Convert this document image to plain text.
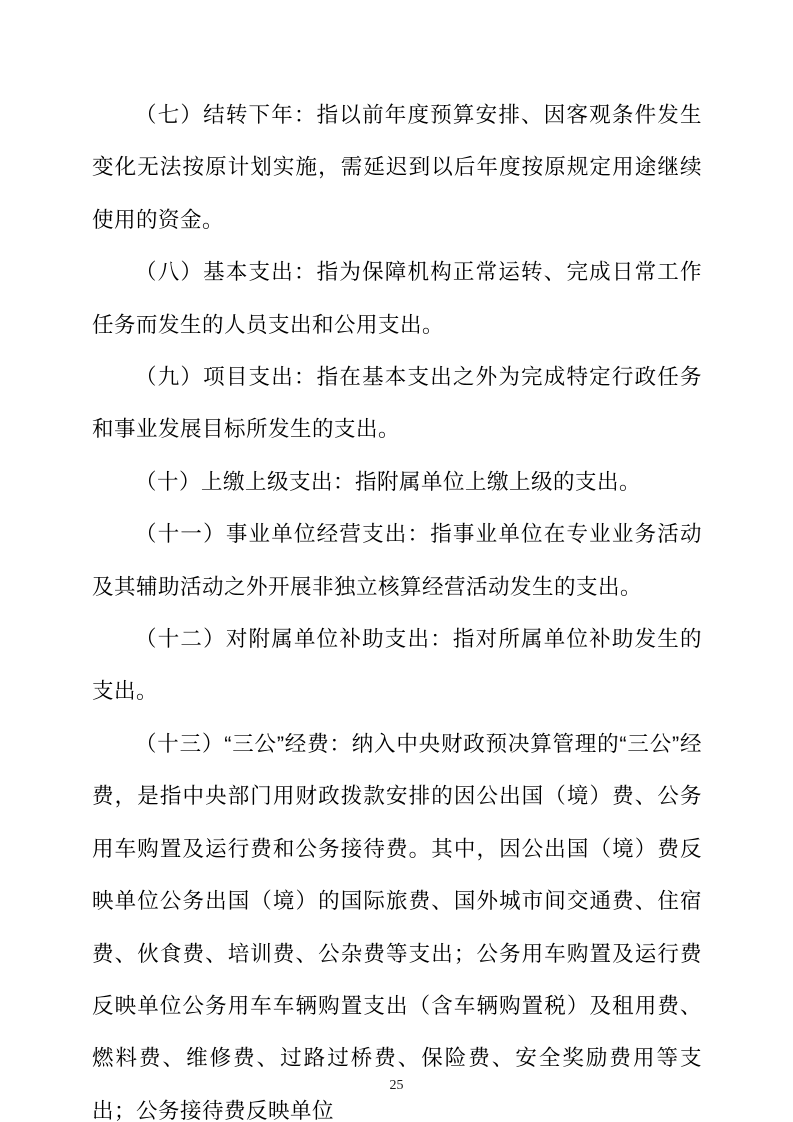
（七）结转下年：指以前年度预算安排、因客观条件发生变化无法按原计划实施，需延迟到以后年度按原规定用途继续使用的资金。

（八）基本支出：指为保障机构正常运转、完成日常工作任务而发生的人员支出和公用支出。

（九）项目支出：指在基本支出之外为完成特定行政任务和事业发展目标所发生的支出。

（十）上缴上级支出：指附属单位上缴上级的支出。

（十一）事业单位经营支出：指事业单位在专业业务活动及其辅助活动之外开展非独立核算经营活动发生的支出。

（十二）对附属单位补助支出：指对所属单位补助发生的支出。

（十三）“三公”经费：纳入中央财政预决算管理的“三公”经费，是指中央部门用财政拨款安排的因公出国（境）费、公务用车购置及运行费和公务接待费。其中，因公出国（境）费反映单位公务出国（境）的国际旅费、国外城市间交通费、住宿费、伙食费、培训费、公杂费等支出；公务用车购置及运行费反映单位公务用车车辆购置支出（含车辆购置税）及租用费、燃料费、维修费、过路过桥费、保险费、安全奖励费用等支出；公务接待费反映单位

25
